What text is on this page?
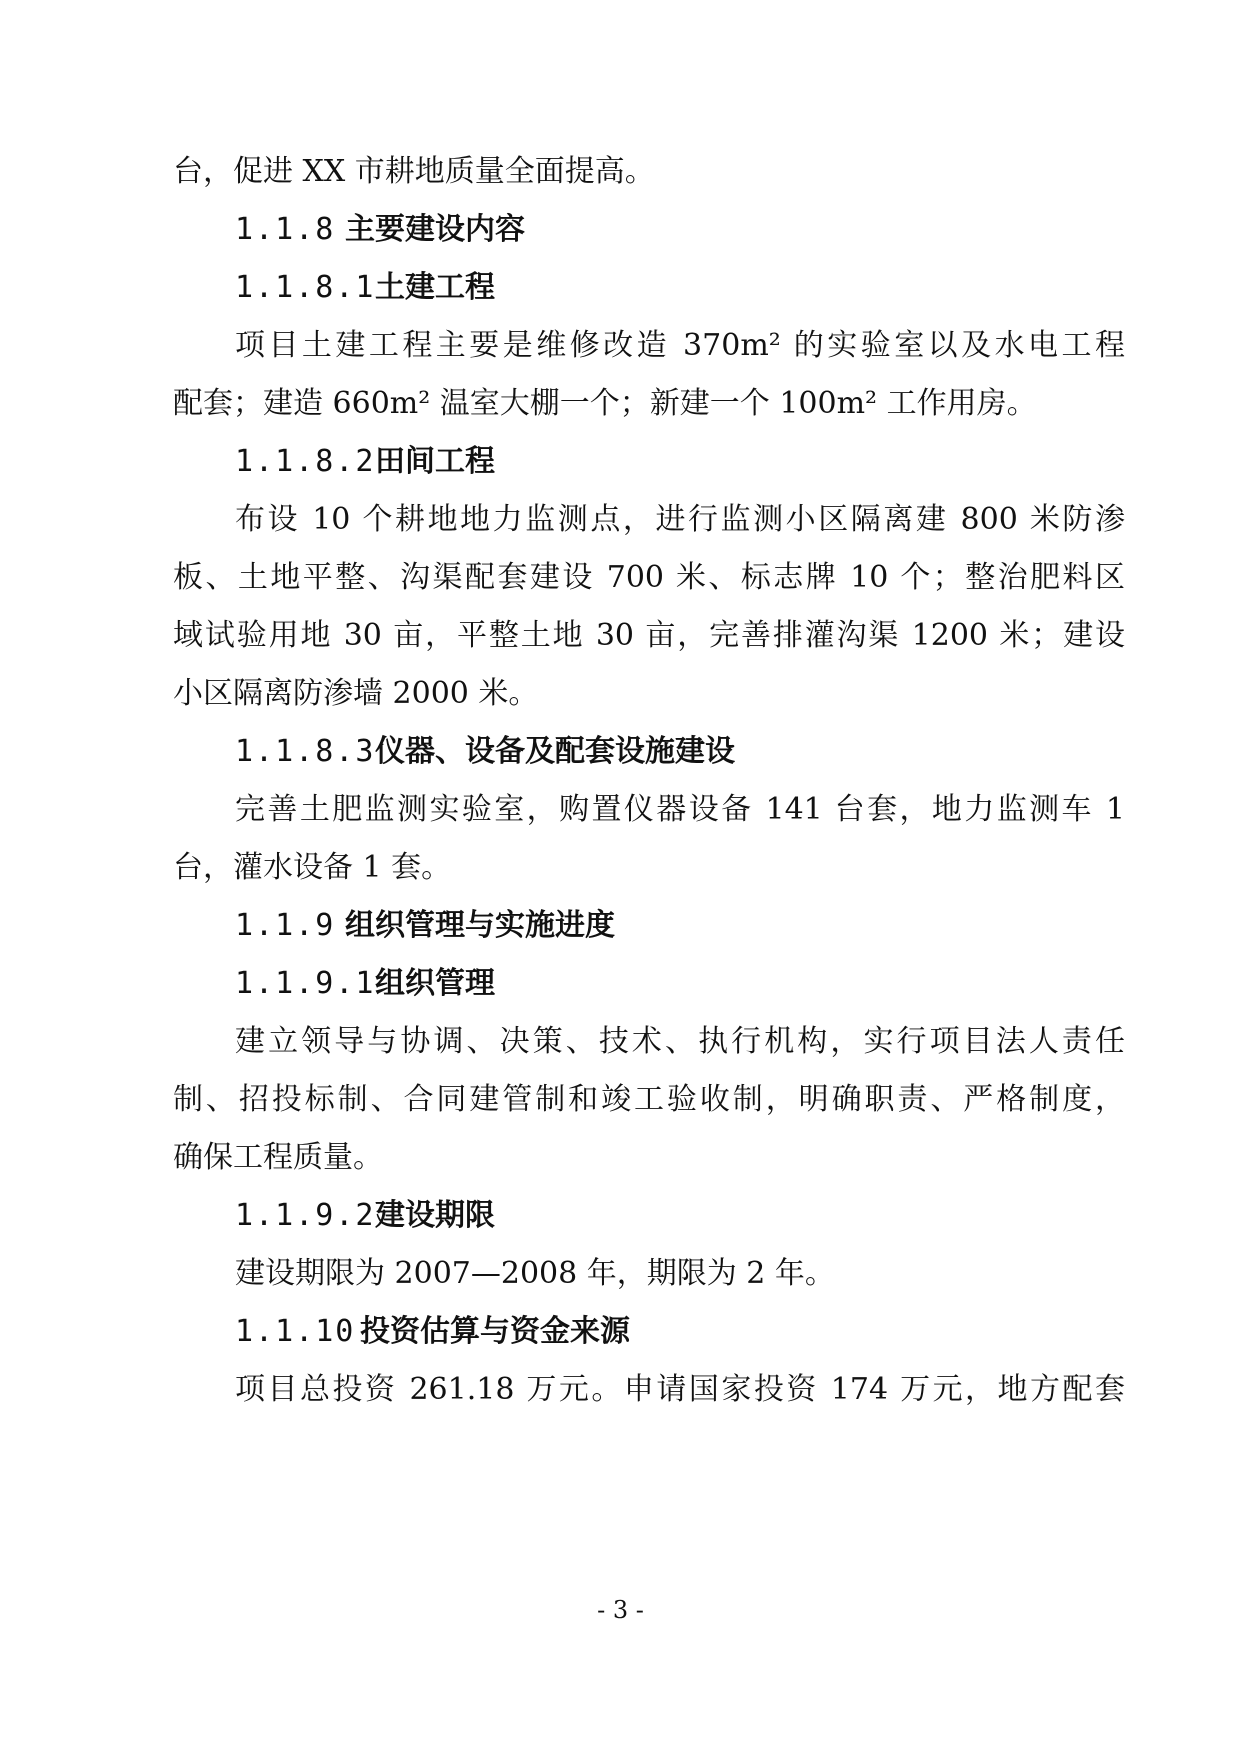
台，促进 XX 市耕地质量全面提高。
1.1.8 主要建设内容
1.1.8.1土建工程
项目土建工程主要是维修改造 370m² 的实验室以及水电工程
配套；建造 660m² 温室大棚一个；新建一个 100m² 工作用房。
1.1.8.2田间工程
布设 10 个耕地地力监测点，进行监测小区隔离建 800 米防渗
板、土地平整、沟渠配套建设 700 米、标志牌 10 个；整治肥料区
域试验用地 30 亩，平整土地 30 亩，完善排灌沟渠 1200 米；建设
小区隔离防渗墙 2000 米。
1.1.8.3仪器、设备及配套设施建设
完善土肥监测实验室，购置仪器设备 141 台套，地力监测车 1
台，灌水设备 1 套。
1.1.9 组织管理与实施进度
1.1.9.1组织管理
建立领导与协调、决策、技术、执行机构，实行项目法人责任
制、招投标制、合同建管制和竣工验收制，明确职责、严格制度，
确保工程质量。
1.1.9.2建设期限
建设期限为 2007—2008 年，期限为 2 年。
1.1.10 投资估算与资金来源
项目总投资 261.18 万元。申请国家投资 174 万元，地方配套
- 3 -
